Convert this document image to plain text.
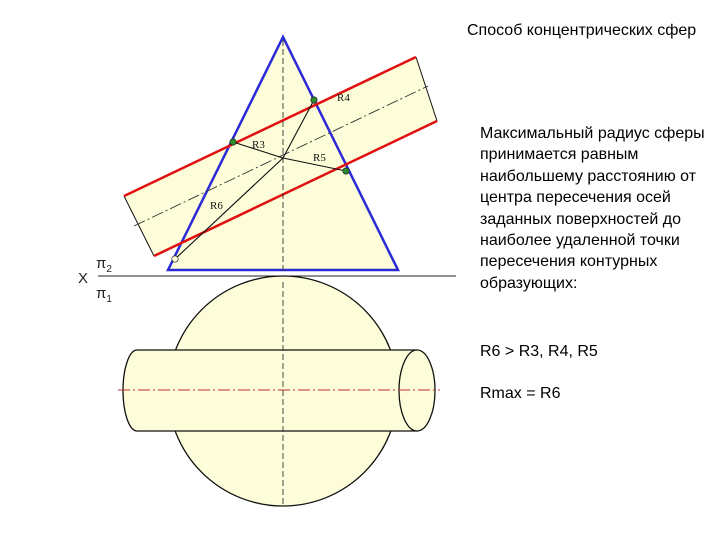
R3
R4
R5
R6
X
$\pi_2$
$\pi_1$
Способ концентрических сфер
Максимальный радиус сферы принимается равным наибольшему расстоянию от центра пересечения осей заданных поверхностей до наиболее удаленной точки пересечения контурных образующих:
R6 > R3, R4, R5
Rmax = R6
